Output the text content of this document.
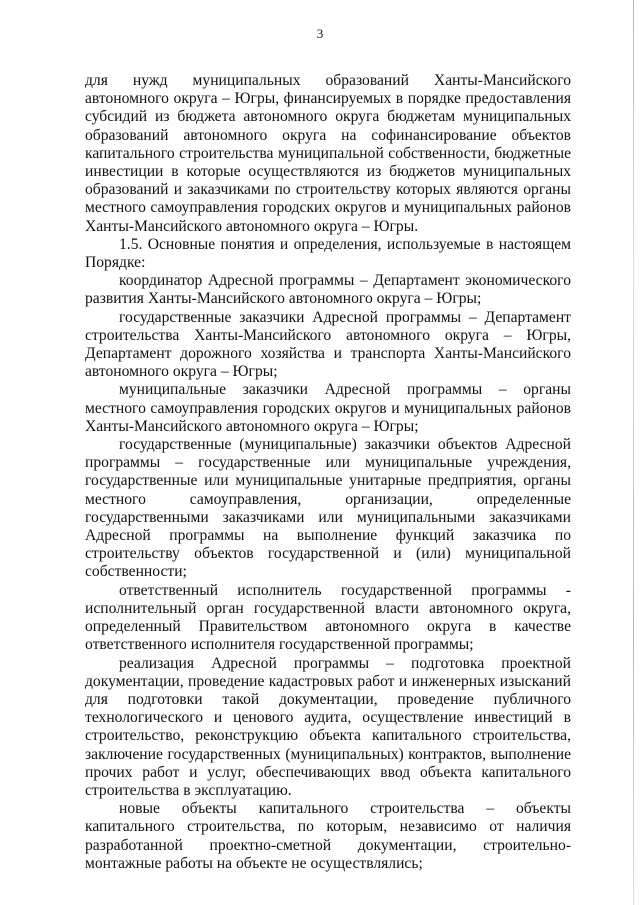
3

для нужд муниципальных образований Ханты-Мансийского автономного округа – Югры, финансируемых в порядке предоставления субсидий из бюджета автономного округа бюджетам муниципальных образований автономного округа на софинансирование объектов капитального строительства муниципальной собственности, бюджетные инвестиции в которые осуществляются из бюджетов муниципальных образований и заказчиками по строительству которых являются органы местного самоуправления городских округов и муниципальных районов Ханты-Мансийского автономного округа – Югры.

1.5. Основные понятия и определения, используемые в настоящем Порядке:

координатор Адресной программы – Департамент экономического развития Ханты-Мансийского автономного округа – Югры;

государственные заказчики Адресной программы – Департамент строительства Ханты-Мансийского автономного округа – Югры, Департамент дорожного хозяйства и транспорта Ханты-Мансийского автономного округа – Югры;

муниципальные заказчики Адресной программы – органы местного самоуправления городских округов и муниципальных районов Ханты-Мансийского автономного округа – Югры;

государственные (муниципальные) заказчики объектов Адресной программы – государственные или муниципальные учреждения, государственные или муниципальные унитарные предприятия, органы местного самоуправления, организации, определенные государственными заказчиками или муниципальными заказчиками Адресной программы на выполнение функций заказчика по строительству объектов государственной и (или) муниципальной собственности;

ответственный исполнитель государственной программы - исполнительный орган государственной власти автономного округа, определенный Правительством автономного округа в качестве ответственного исполнителя государственной программы;

реализация Адресной программы – подготовка проектной документации, проведение кадастровых работ и инженерных изысканий для подготовки такой документации, проведение публичного технологического и ценового аудита, осуществление инвестиций в строительство, реконструкцию объекта капитального строительства, заключение государственных (муниципальных) контрактов, выполнение прочих работ и услуг, обеспечивающих ввод объекта капитального строительства в эксплуатацию.

новые объекты капитального строительства – объекты капитального строительства, по которым, независимо от наличия разработанной проектно-сметной документации, строительно-монтажные работы на объекте не осуществлялись;
